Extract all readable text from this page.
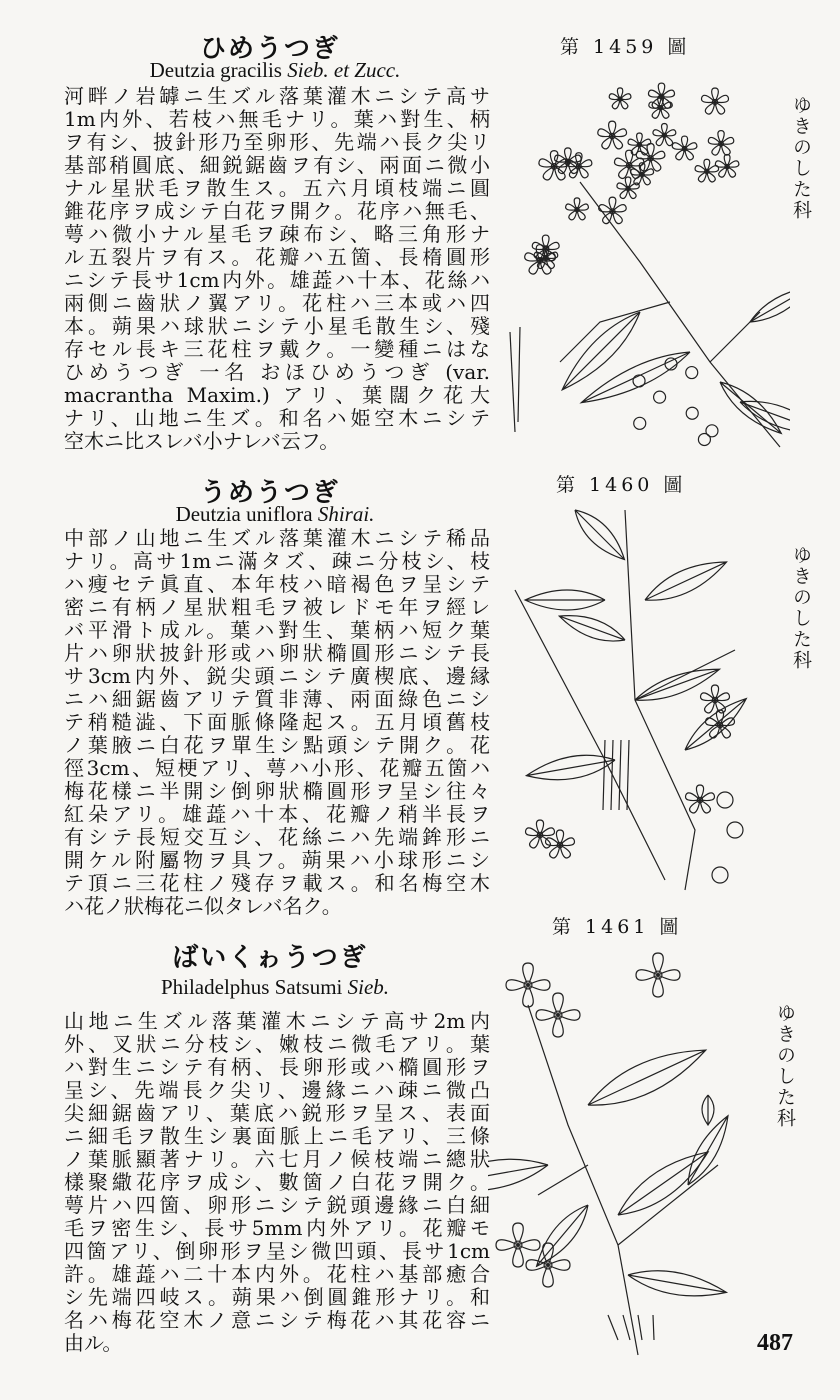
ひめうつぎ
Deutzia gracilis Sieb. et Zucc.
第 1459 圖
ゆきのした科
河畔ノ岩罅ニ生ズル落葉灌木ニシテ高サ
1m内外、若枝ハ無毛ナリ。葉ハ對生、柄
ヲ有シ、披針形乃至卵形、先端ハ長ク尖リ
基部稍圓底、細鋭鋸齒ヲ有シ、兩面ニ微小
ナル星狀毛ヲ散生ス。五六月頃枝端ニ圓
錐花序ヲ成シテ白花ヲ開ク。花序ハ無毛、
萼ハ微小ナル星毛ヲ疎布シ、略三角形ナ
ル五裂片ヲ有ス。花瓣ハ五箇、長楕圓形
ニシテ長サ1cm内外。雄蕋ハ十本、花絲ハ
兩側ニ齒狀ノ翼アリ。花柱ハ三本或ハ四
本。蒴果ハ球狀ニシテ小星毛散生シ、殘
存セル長キ三花柱ヲ戴ク。一變種ニはな
ひめうつぎ 一名 おほひめうつぎ (var.
macrantha Maxim.) アリ、葉闊ク花大
ナリ、山地ニ生ズ。和名ハ姫空木ニシテ
空木ニ比スレバ小ナレバ云フ。
うめうつぎ
Deutzia uniflora Shirai.
第 1460 圖
ゆきのした科
中部ノ山地ニ生ズル落葉灌木ニシテ稀品
ナリ。高サ1mニ滿タズ、疎ニ分枝シ、枝
ハ瘦セテ眞直、本年枝ハ暗褐色ヲ呈シテ
密ニ有柄ノ星狀粗毛ヲ被レドモ年ヲ經レ
バ平滑ト成ル。葉ハ對生、葉柄ハ短ク葉
片ハ卵狀披針形或ハ卵狀橢圓形ニシテ長
サ3cm内外、鋭尖頭ニシテ廣楔底、邊縁
ニハ細鋸齒アリテ質非薄、兩面綠色ニシ
テ稍糙澁、下面脈條隆起ス。五月頃舊枝
ノ葉腋ニ白花ヲ單生シ點頭シテ開ク。花
徑3cm、短梗アリ、萼ハ小形、花瓣五箇ハ
梅花樣ニ半開シ倒卵狀橢圓形ヲ呈シ往々
紅朵アリ。雄蕋ハ十本、花瓣ノ稍半長ヲ
有シテ長短交互シ、花絲ニハ先端鉾形ニ
開ケル附屬物ヲ具フ。蒴果ハ小球形ニシ
テ頂ニ三花柱ノ殘存ヲ載ス。和名梅空木
ハ花ノ狀梅花ニ似タレバ名ク。
ばいくゎうつぎ
Philadelphus Satsumi Sieb.
第 1461 圖
ゆきのした科
山地ニ生ズル落葉灌木ニシテ高サ2m内
外、叉狀ニ分枝シ、嫩枝ニ微毛アリ。葉
ハ對生ニシテ有柄、長卵形或ハ橢圓形ヲ
呈シ、先端長ク尖リ、邊緣ニハ疎ニ微凸
尖細鋸齒アリ、葉底ハ鋭形ヲ呈ス、表面
ニ細毛ヲ散生シ裏面脈上ニ毛アリ、三條
ノ葉脈顯著ナリ。六七月ノ候枝端ニ總狀
樣聚繖花序ヲ成シ、數箇ノ白花ヲ開ク。
萼片ハ四箇、卵形ニシテ鋭頭邊緣ニ白細
毛ヲ密生シ、長サ5mm内外アリ。花瓣モ
四箇アリ、倒卵形ヲ呈シ微凹頭、長サ1cm
許。雄蕋ハ二十本内外。花柱ハ基部癒合
シ先端四岐ス。蒴果ハ倒圓錐形ナリ。和
名ハ梅花空木ノ意ニシテ梅花ハ其花容ニ
由ル。	487
